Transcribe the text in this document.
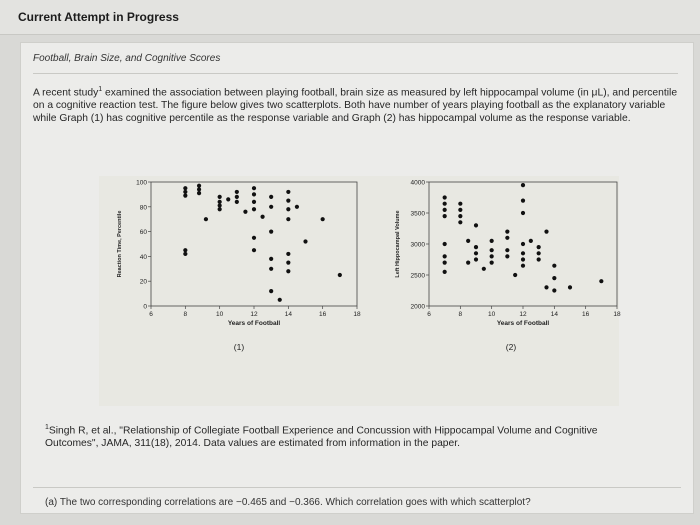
Current Attempt in Progress
Football, Brain Size, and Cognitive Scores
A recent study$^1$ examined the association between playing football, brain size as measured by left hippocampal volume (in μL), and percentile on a cognitive reaction test. The figure below gives two scatterplots. Both have number of years playing football as the explanatory variable while Graph (1) has cognitive percentile as the response variable and Graph (2) has hippocampal volume as the response variable.
0
20
40
60
80
100
6	8	10	12	14	16	18
Years of Football
Reaction Time, Percentile
(1)
2000
2500
3000
3500
4000
6	8	10	12	14	16	18
Years of Football
Left Hippocampal Volume
(2)
$^1$Singh R, et al., "Relationship of Collegiate Football Experience and Concussion with Hippocampal Volume and Cognitive Outcomes", JAMA, 311(18), 2014. Data values are estimated from information in the paper.
(a) The two corresponding correlations are −0.465 and −0.366. Which correlation goes with which scatterplot?
